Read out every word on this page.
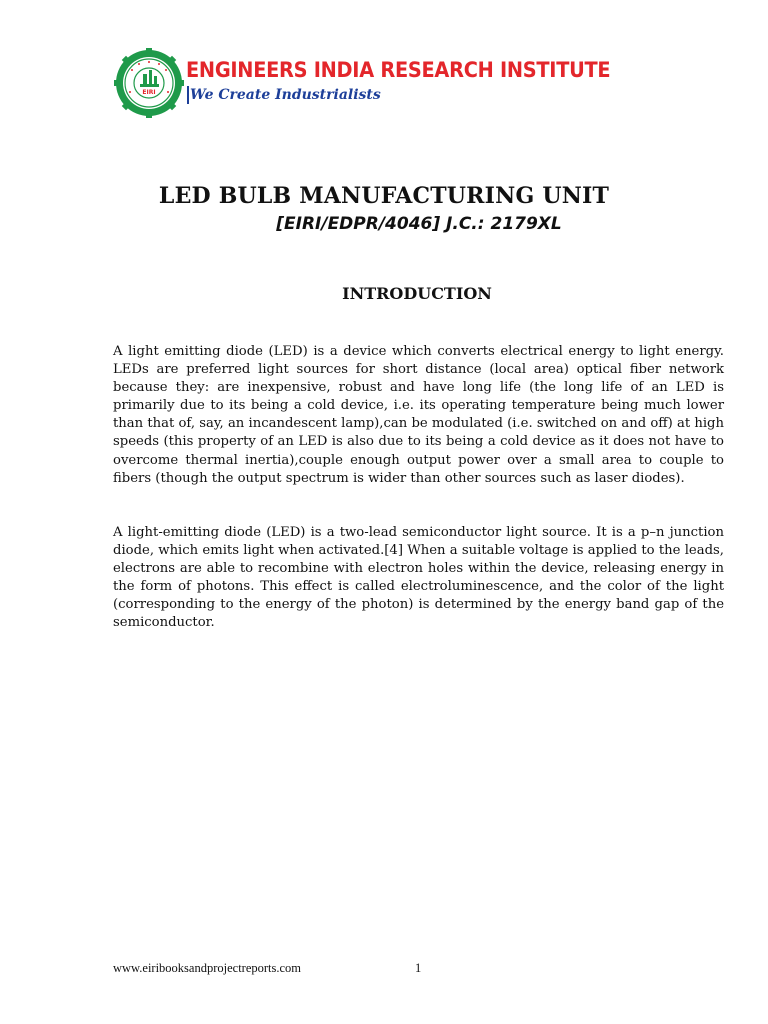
EIRI
ENGINEERS INDIA RESEARCH INSTITUTE
We Create Industrialists
LED BULB MANUFACTURING UNIT
[EIRI/EDPR/4046] J.C.: 2179XL
INTRODUCTION

A light emitting diode (LED) is a device which converts electrical energy to light energy. LEDs are preferred light sources for short distance (local area) optical fiber network because they: are inexpensive, robust and have long life (the long life of an LED is primarily due to its being a cold device, i.e. its operating temperature being much lower than that of, say, an incandescent lamp),can be modulated (i.e. switched on and off) at high speeds (this property of an LED is also due to its being a cold device as it does not have to overcome thermal inertia),couple enough output power over a small area to couple to fibers (though the output spectrum is wider than other sources such as laser diodes).

A light-emitting diode (LED) is a two-lead semiconductor light source. It is a p–n junction diode, which emits light when activated.[4] When a suitable voltage is applied to the leads, electrons are able to recombine with electron holes within the device, releasing energy in the form of photons. This effect is called electroluminescence, and the color of the light (corresponding to the energy of the photon) is determined by the energy band gap of the semiconductor.

www.eiribooksandprojectreports.com	1
